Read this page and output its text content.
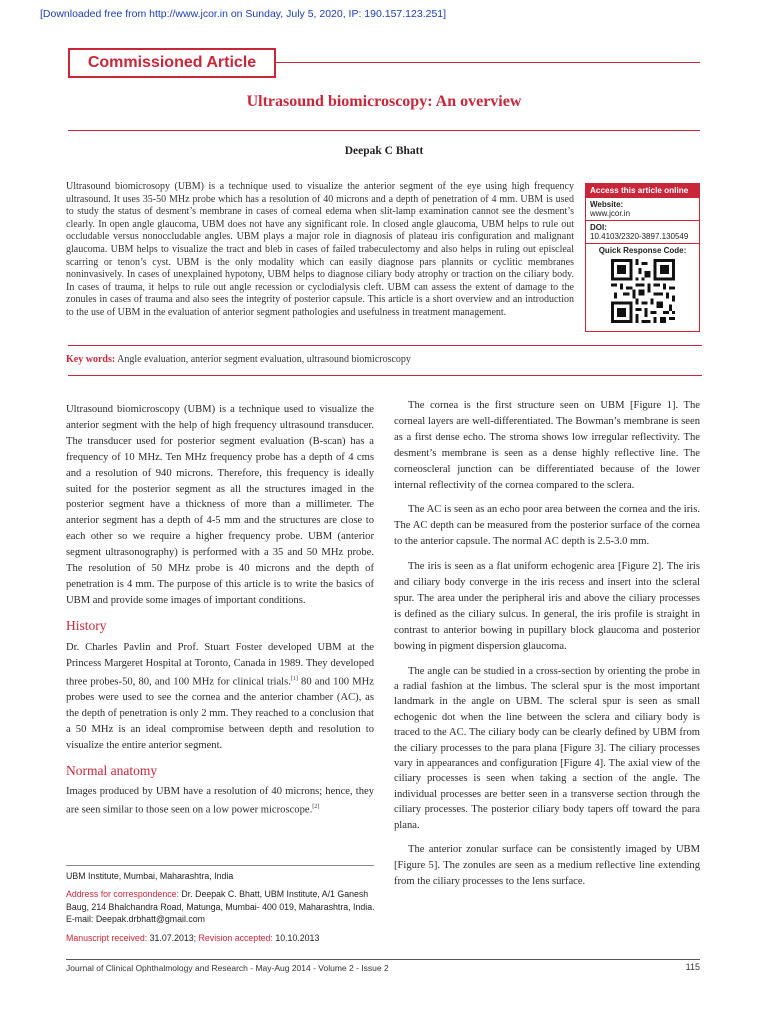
[Downloaded free from http://www.jcor.in on Sunday, July 5, 2020, IP: 190.157.123.251]
Commissioned Article
Ultrasound biomicroscopy: An overview
Deepak C Bhatt
Ultrasound biomicrosopy (UBM) is a technique used to visualize the anterior segment of the eye using high frequency ultrasound. It uses 35-50 MHz probe which has a resolution of 40 microns and a depth of penetration of 4 mm. UBM is used to study the status of desment’s membrane in cases of corneal edema when slit-lamp examination cannot see the desment’s clearly. In open angle glaucoma, UBM does not have any significant role. In closed angle glaucoma, UBM helps to rule out occludable versus nonoccludable angles. UBM plays a major role in diagnosis of plateau iris configuration and malignant glaucoma. UBM helps to visualize the tract and bleb in cases of failed trabeculectomy and also helps in ruling out episcleal scarring or tenon’s cyst. UBM is the only modality which can easily diagnose pars plannits or cyclitic membranes noninvasively. In cases of unexplained hypotony, UBM helps to diagnose ciliary body atrophy or traction on the ciliary body. In cases of trauma, it helps to rule out angle recession or cyclodialysis cleft. UBM can assess the extent of damage to the zonules in cases of trauma and also sees the integrity of posterior capsule. This article is a short overview and an introduction to the use of UBM in the evaluation of anterior segment pathologies and usefulness in treatment management.
Access this article online
Website:
www.jcor.in
DOI:
10.4103/2320-3897.130549
Quick Response Code:
Key words: Angle evaluation, anterior segment evaluation, ultrasound biomicroscopy

Ultrasound biomicroscopy (UBM) is a technique used to visualize the anterior segment with the help of high frequency ultrasound transducer. The transducer used for posterior segment evaluation (B-scan) has a frequency of 10 MHz. Ten MHz frequency probe has a depth of 4 cms and a resolution of 940 microns. Therefore, this frequency is ideally suited for the posterior segment as all the structures imaged in the posterior segment have a thickness of more than a millimeter. The anterior segment has a depth of 4-5 mm and the structures are close to each other so we require a higher frequency probe. UBM (anterior segment ultrasonography) is performed with a 35 and 50 MHz probe. The resolution of 50 MHz probe is 40 microns and the depth of penetration is 4 mm. The purpose of this article is to write the basics of UBM and provide some images of important conditions.

History

Dr. Charles Pavlin and Prof. Stuart Foster developed UBM at the Princess Margeret Hospital at Toronto, Canada in 1989. They developed three probes-50, 80, and 100 MHz for clinical trials.[1] 80 and 100 MHz probes were used to see the cornea and the anterior chamber (AC), as the depth of penetration is only 2 mm. They reached to a conclusion that a 50 MHz is an ideal compromise between depth and resolution to visualize the entire anterior segment.

Normal anatomy

Images produced by UBM have a resolution of 40 microns; hence, they are seen similar to those seen on a low power microscope.[2]

The cornea is the first structure seen on UBM [Figure 1]. The corneal layers are well-differentiated. The Bowman’s membrane is seen as a first dense echo. The stroma shows low irregular reflectivity. The desment’s membrane is seen as a dense highly reflective line. The corneoscleral junction can be differentiated because of the lower internal reflectivity of the cornea compared to the sclera.

The AC is seen as an echo poor area between the cornea and the iris. The AC depth can be measured from the posterior surface of the cornea to the anterior capsule. The normal AC depth is 2.5-3.0 mm.

The iris is seen as a flat uniform echogenic area [Figure 2]. The iris and ciliary body converge in the iris recess and insert into the scleral spur. The area under the peripheral iris and above the ciliary processes is defined as the ciliary sulcus. In general, the iris profile is straight in contrast to anterior bowing in pupillary block glaucoma and posterior bowing in pigment dispersion glaucoma.

The angle can be studied in a cross-section by orienting the probe in a radial fashion at the limbus. The scleral spur is the most important landmark in the angle on UBM. The scleral spur is seen as small echogenic dot when the line between the sclera and ciliary body is traced to the AC. The ciliary body can be clearly defined by UBM from the ciliary processes to the para plana [Figure 3]. The ciliary processes vary in appearances and configuration [Figure 4]. The axial view of the ciliary processes is seen when taking a section of the angle. The individual processes are better seen in a transverse section through the ciliary processes. The posterior ciliary body tapers off toward the para plana.

The anterior zonular surface can be consistently imaged by UBM [Figure 5]. The zonules are seen as a medium reflective line extending from the ciliary processes to the lens surface.

UBM Institute, Mumbai, Maharashtra, India

Address for correspondence: Dr. Deepak C. Bhatt, UBM Institute, A/1 Ganesh Baug, 214 Bhalchandra Road, Matunga, Mumbai- 400 019, Maharashtra, India. E-mail: Deepak.drbhatt@gmail.com

Manuscript received: 31.07.2013; Revision accepted: 10.10.2013

Journal of Clinical Ophthalmology and Research - May-Aug 2014 - Volume 2 - Issue 2	115
